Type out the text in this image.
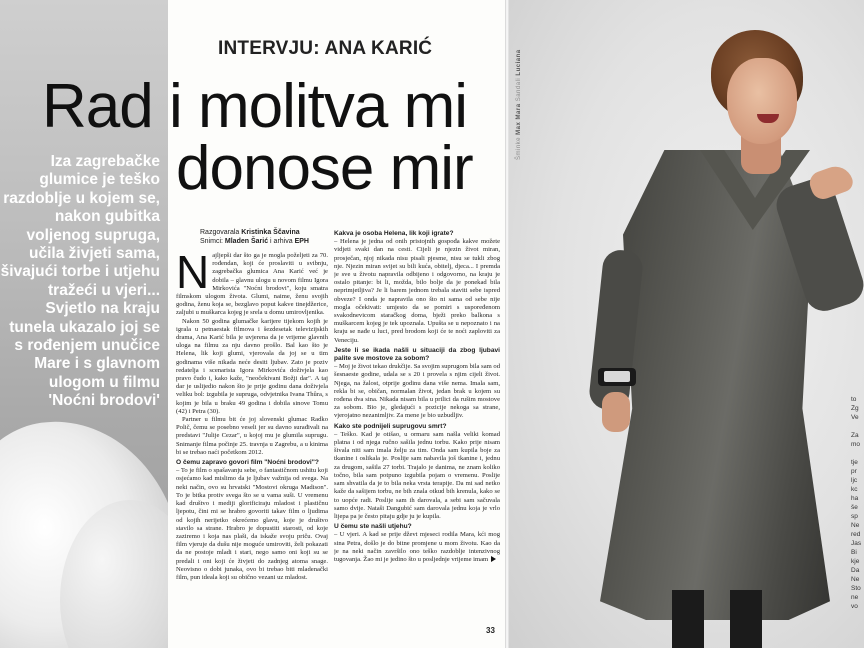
Šminke Max Mara Sandali Luciana
to
Žg
Ve
Za
mo
tje
pr
ljc
kc
ha
še
sp
Ne
red
Jas
Bi
kje
Da
Ne
Sto
ne
vo
INTERVJU: ANA KARIĆ
Rad i molitva mi
donose mir
Iza zagrebačke glumice je teško razdoblje u kojem se, nakon gubitka voljenog supruga, učila živjeti sama, šivajući torbe i utjehu tražeći u vjeri... Svjetlo na kraju tunela ukazalo joj se s rođenjem unučice Mare i s glavnom ulogom u filmu 'Noćni brodovi'
Razgovarala Kristinka Ščavina
Snimci: Mladen Šarić i arhiva EPH
N ajljepši dar što ga je mogla poželjeti za 70. rođendan, koji će proslaviti u svibnju, zagrebačka glumica Ana Karić već je dobila – glavnu ulogu u novom filmu Igora Mirkovića "Noćni brodovi", koju smatra filmskom ulogom života. Glumi, naime, ženu svojih godina, ženu koja se, bezglavo poput kakve tinejdžerice, zaljubi u muškarca kojeg je srela u domu umirovljenika.

Nakon 50 godina glumačke karijere tijekom kojih je igrala u petnaestak filmova i šezdesetak televizijskih drama, Ana Karić bila je uvjerena da je vrijeme glavnih uloga na filmu za nju davno prošlo. Bal kao što je Helena, lik koji glumi, vjerovala da joj se u tim godinama više nikada neće desiti ljubav. Zato je poziv redatelja i scenarista Igora Mirkovića doživjela kao pravo čudo i, kako kaže, "neočekivani Božji dar". A taj dar je uslijedio nakon što je prije godinu dana doživjela veliku bol: izgubila je supruga, odvjetnika Ivana Thûra, s kojim je bila u braku 49 godina i dobila sinove Tomu (42) i Petra (30).

Partner u filmu bit će joj slovenski glumac Radko Polič, čemu se posebno veseli jer su davno surađivali na predstavi "Julije Cezar", u kojoj mu je glumila suprugu. Snimanje filma počinje 25. travnja u Zagrebu, a u kinima bi se trebao naći početkom 2012.

O čemu zapravo govori film "Noćni brodovi"?

– To je film o spašavanju sebe, o fantastičnom ushitu koji osjećamo kad mislimo da je ljubav važnija od svega. Na neki način, ovo su hrvatski "Mostovi okruga Madison". To je bitka protiv svega što se u vama suši. U vremenu kad društvo i mediji glorificiraju mladost i plastičnu ljepotu, čini mi se hrabro govoriti takav film o ljudima od kojih nerijetko okrećemo glavu, koje je društvo stavilo sa strane. Hrabro je dopustiti starosti, od koje zaziremo i koja nas plaši, da iskaže svoju priču. Ovaj film vjeruje da dušu nije moguće umiroviti, želi pokazati da ne postoje mladi i stari, nego samo oni koji su se predali i oni koji će živjeti do zadnjeg atoma snage. Neovisno o dobi junaka, ovo bi trebao biti mladenački film, pun ideala koji su obično vezani uz mladost.

Kakva je osoba Helena, lik koji igrate?

– Helena je jedna od onih pristojnih gospođa kakve možete vidjeti svaki dan na cesti. Cijeli je njezin život miran, prosječan, njoj nikada nisu pisali pjesme, nisu se tukli zbog nje. Njezin miran svijet su bili kuća, obitelj, djeca... I premda je sve u životu napravila odbijeno i odgovorno, na kraju je ostalo pitanje: bi li, možda, bilo bolje da je ponekad bila neprimjetljiva? Je li barem jednom trebala staviti sebe ispred obveze? I onda je napravila ono što ni sama od sebe nije mogla očekivati: umjesto da se pomiri s uspoređenom svakodnevicom staračkog doma, bježi preko balkona s muškarcem kojeg je tek upoznala. Upušta se u nepoznato i na kraju se nađe u luci, pred brodom koji će te noći zaploviti za Veneciju.

Jeste li se ikada našli u situaciji da zbog ljubavi palite sve mostove za sobom?

– Moj je život tekao drukčije. Sa svojim suprugom bila sam od šesnaeste godine, udala se s 20 i provela s njim cijeli život. Njega, na žalost, otprije godinu dana više nema. Imala sam, rekla bi se, običan, normalan život, jedan brak u kojem su rođena dva sina. Nikada nisam bila u prilici da rušim mostove za sobom. Bio je, gledajući s pozicije nekoga sa strane, vjerojatno nezanimljiv. Za mene je bio uzbudljiv.

Kako ste podnijeli suprugovu smrt?

– Teško. Kad je otišao, u ormaru sam našla veliki komad platna i od njega ručno sašila jednu torbu. Kako prije nisam šivala niti sam imala želju za tim. Onda sam kupila boje za tkanine i oslikala je. Poslije sam nabavila još tkanine i, jednu za drugom, sašila 27 torbi. Trajalo je danima, ne znam koliko točno, bila sam potpuno izgubila pojam o vremenu. Poslije sam shvatila da je to bila neka vrsta terapije. Da mi sad netko kaže da sašijem torbu, ne bih znala otkud bih krenula, kako se to uopće radi. Poslije sam ih darovala, a sebi sam sačuvala samo dvije. Nataši Dangubić sam darovala jednu koja je vrlo lijepa pa je često pitaju gdje ju je kupila.

U čemu ste našli utjehu?

– U vjeri. A kad se prije dževt mjeseci rodila Mara, kći mog sina Petra, došlo je do bitne promjene u mom životu. Kao da je na neki način završilo ono teško razdoblje intenzivnog tugovanja. Žao mi je jedino što u posljednje vrijeme imam

33
